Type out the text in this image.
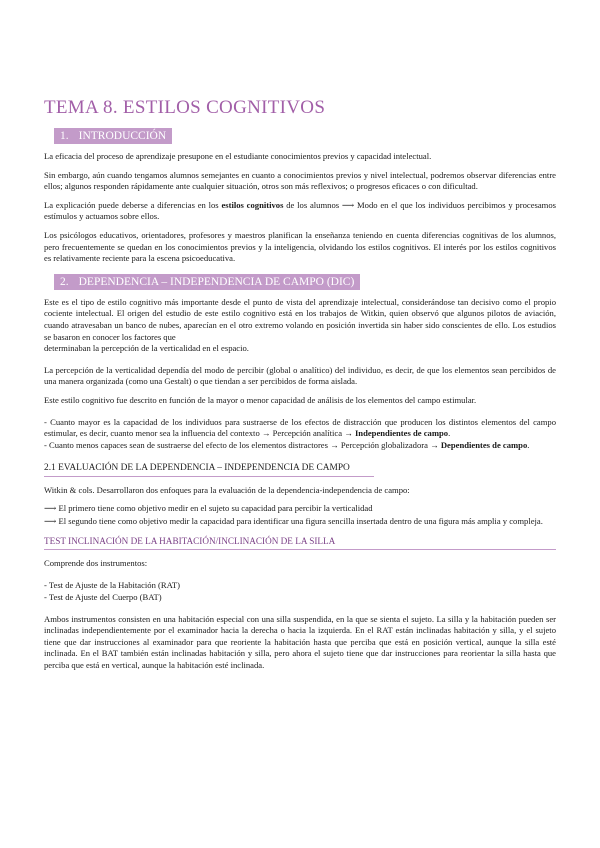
TEMA 8. ESTILOS COGNITIVOS
1. INTRODUCCIÓN

La eficacia del proceso de aprendizaje presupone en el estudiante conocimientos previos y capacidad intelectual.

Sin embargo, aún cuando tengamos alumnos semejantes en cuanto a conocimientos previos y nivel intelectual, podremos observar diferencias entre ellos; algunos responden rápidamente ante cualquier situación, otros son más reflexivos; o progresos eficaces o con dificultad.

La explicación puede deberse a diferencias en los estilos cognitivos de los alumnos ⟶ Modo en el que los individuos percibimos y procesamos estímulos y actuamos sobre ellos.

Los psicólogos educativos, orientadores, profesores y maestros planifican la enseñanza teniendo en cuenta diferencias cognitivas de los alumnos, pero frecuentemente se quedan en los conocimientos previos y la inteligencia, olvidando los estilos cognitivos. El interés por los estilos cognitivos es relativamente reciente para la escena psicoeducativa.

2. DEPENDENCIA – INDEPENDENCIA DE CAMPO (DIC)

Este es el tipo de estilo cognitivo más importante desde el punto de vista del aprendizaje intelectual, considerándose tan decisivo como el propio cociente intelectual. El origen del estudio de este estilo cognitivo está en los trabajos de Witkin, quien observó que algunos pilotos de aviación, cuando atravesaban un banco de nubes, aparecían en el otro extremo volando en posición invertida sin haber sido conscientes de ello. Los estudios se basaron en conocer los factores que

determinaban la percepción de la verticalidad en el espacio.

La percepción de la verticalidad dependía del modo de percibir (global o analítico) del individuo, es decir, de que los elementos sean percibidos de una manera organizada (como una Gestalt) o que tiendan a ser percibidos de forma aislada.

Este estilo cognitivo fue descrito en función de la mayor o menor capacidad de análisis de los elementos del campo estimular.

- Cuanto mayor es la capacidad de los individuos para sustraerse de los efectos de distracción que producen los distintos elementos del campo estimular, es decir, cuanto menor sea la influencia del contexto → Percepción analítica → Independientes de campo.

- Cuanto menos capaces sean de sustraerse del efecto de los elementos distractores → Percepción globalizadora → Dependientes de campo.

2.1 EVALUACIÓN DE LA DEPENDENCIA – INDEPENDENCIA DE CAMPO

Witkin & cols. Desarrollaron dos enfoques para la evaluación de la dependencia-independencia de campo:

⟶ El primero tiene como objetivo medir en el sujeto su capacidad para percibir la verticalidad

⟶ El segundo tiene como objetivo medir la capacidad para identificar una figura sencilla insertada dentro de una figura más amplia y compleja.

TEST INCLINACIÓN DE LA HABITACIÓN/INCLINACIÓN DE LA SILLA

Comprende dos instrumentos:

- Test de Ajuste de la Habitación (RAT)

- Test de Ajuste del Cuerpo (BAT)

Ambos instrumentos consisten en una habitación especial con una silla suspendida, en la que se sienta el sujeto. La silla y la habitación pueden ser inclinadas independientemente por el examinador hacia la derecha o hacia la izquierda. En el RAT están inclinadas habitación y silla, y el sujeto tiene que dar instrucciones al examinador para que reoriente la habitación hasta que perciba que está en posición vertical, aunque la silla esté inclinada. En el BAT también están inclinadas habitación y silla, pero ahora el sujeto tiene que dar instrucciones para reorientar la silla hasta que perciba que está en vertical, aunque la habitación esté inclinada.
